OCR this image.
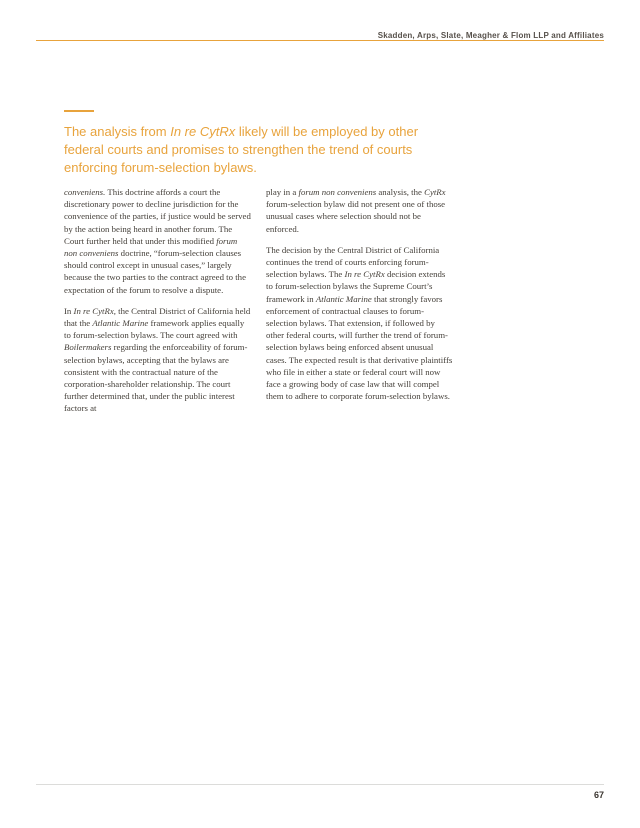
Skadden, Arps, Slate, Meagher & Flom LLP and Affiliates

The analysis from In re CytRx likely will be employed by other federal courts and promises to strengthen the trend of courts enforcing forum-selection bylaws.

conveniens. This doctrine affords a court the discretionary power to decline jurisdiction for the convenience of the parties, if justice would be served by the action being heard in another forum. The Court further held that under this modified forum non conveniens doctrine, “forum-selection clauses should control except in unusual cases,” largely because the two parties to the contract agreed to the expectation of the forum to resolve a dispute.

In In re CytRx, the Central District of California held that the Atlantic Marine framework applies equally to forum-selection bylaws. The court agreed with Boilermakers regarding the enforceability of forum-selection bylaws, accepting that the bylaws are consistent with the contractual nature of the corporation-shareholder relationship. The court further determined that, under the public interest factors at

play in a forum non conveniens analysis, the CytRx forum-selection bylaw did not present one of those unusual cases where selection should not be enforced.

The decision by the Central District of California continues the trend of courts enforcing forum-selection bylaws. The In re CytRx decision extends to forum-selection bylaws the Supreme Court’s framework in Atlantic Marine that strongly favors enforcement of contractual clauses to forum-selection bylaws. That extension, if followed by other federal courts, will further the trend of forum-selection bylaws being enforced absent unusual cases. The expected result is that derivative plaintiffs who file in either a state or federal court will now face a growing body of case law that will compel them to adhere to corporate forum-selection bylaws.

67
